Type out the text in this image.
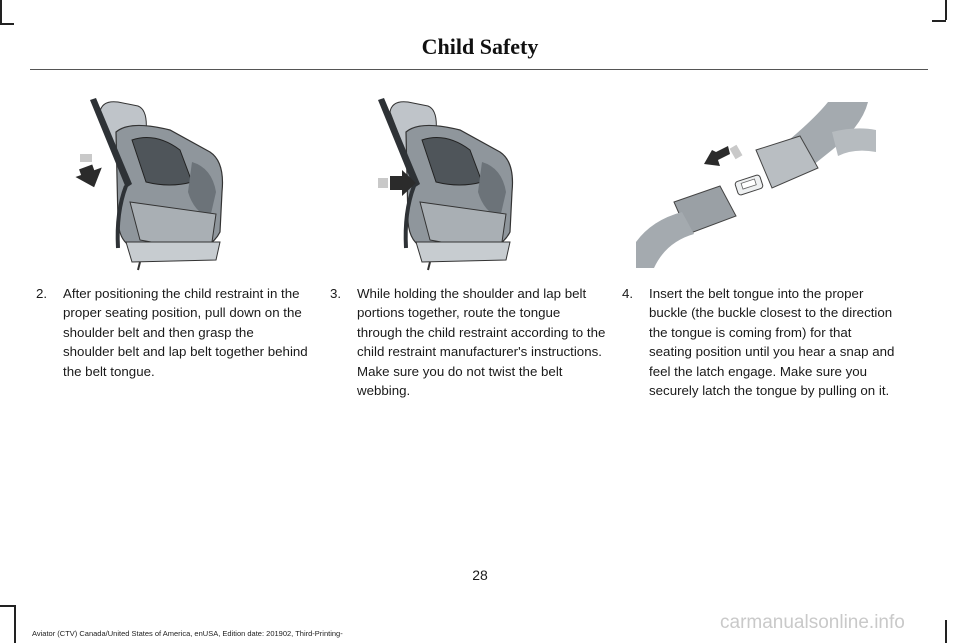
Child Safety
2. After positioning the child restraint in the proper seating position, pull down on the shoulder belt and then grasp the shoulder belt and lap belt together behind the belt tongue.
3. While holding the shoulder and lap belt portions together, route the tongue through the child restraint according to the child restraint manufacturer's instructions. Make sure you do not twist the belt webbing.
4. Insert the belt tongue into the proper buckle (the buckle closest to the direction the tongue is coming from) for that seating position until you hear a snap and feel the latch engage. Make sure you securely latch the tongue by pulling on it.
28
Aviator (CTV) Canada/United States of America, enUSA, Edition date: 201902, Third-Printing-
carmanualsonline.info
